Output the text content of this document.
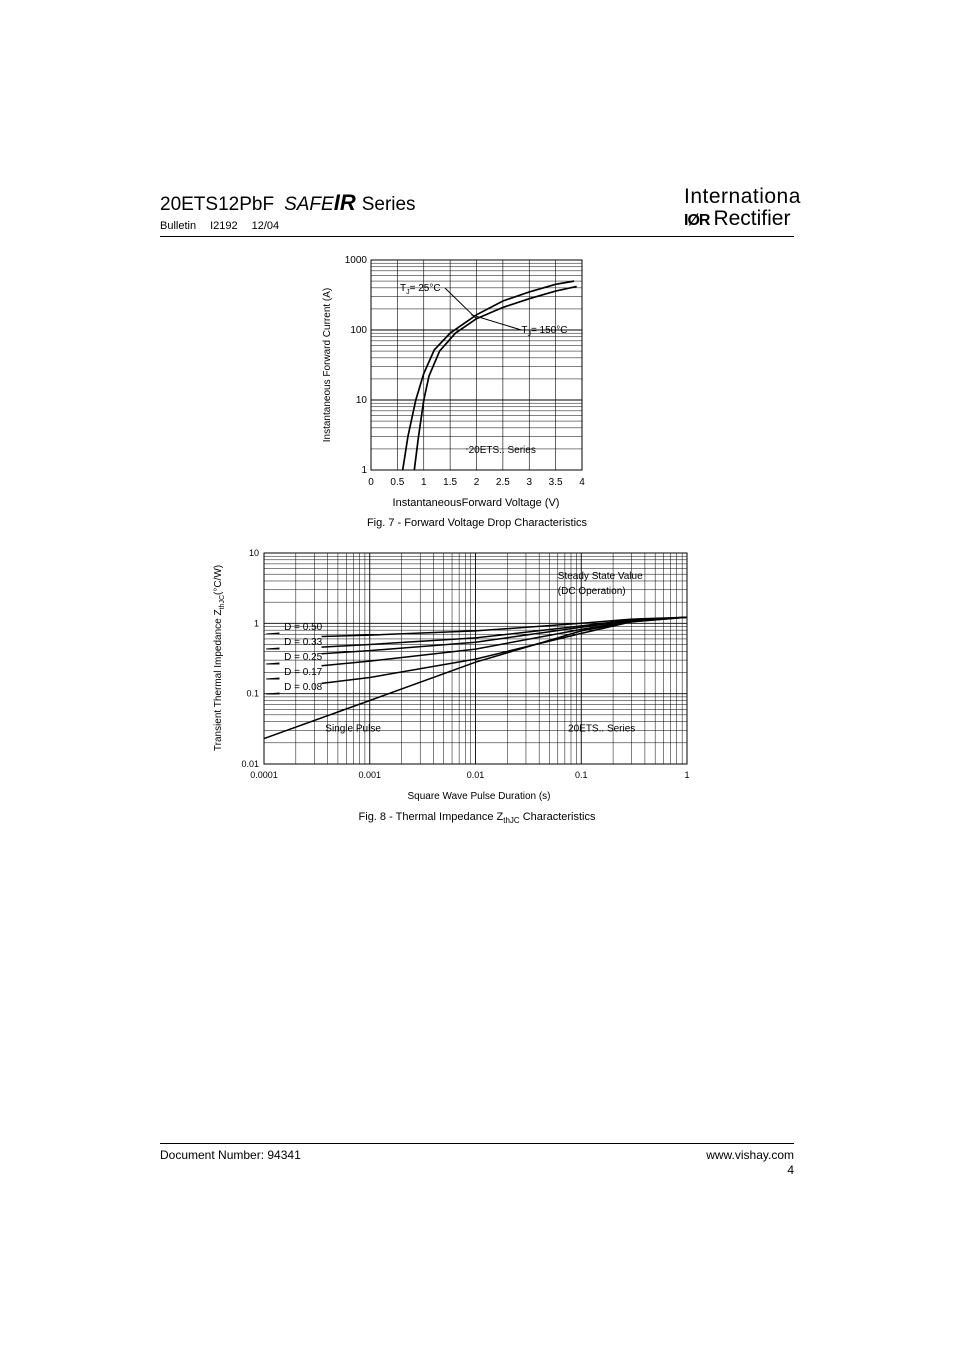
20ETS12PbF SAFEIR Series
Bulletin I2192 12/04
Internationa
IØR Rectifier
0 0.5 1 1.5 2 2.5 3 3.5 4
1
10
100
1000
$T_J= 25^\circ C$
$T_J= 150^\circ C$
20ETS.. Series
InstantaneousForward Voltage (V)
Instantaneous Forward Current (A)
Fig. 7 - Forward Voltage Drop Characteristics
0.0001	0.001	0.01	0.1	1
0.01
0.1
1
10
D = 0.50
D = 0.33
D = 0.25
D = 0.17
D = 0.08
Single Pulse
Steady State Value
(DC Operation)
20ETS.. Series
Square Wave Pulse Duration (s)
Transient Thermal Impedance $Z_{thJC}(^\circ C/W)$
Fig. 8 - Thermal Impedance $Z_{thJC}$ Characteristics
Document Number: 94341	www.vishay.com
4
